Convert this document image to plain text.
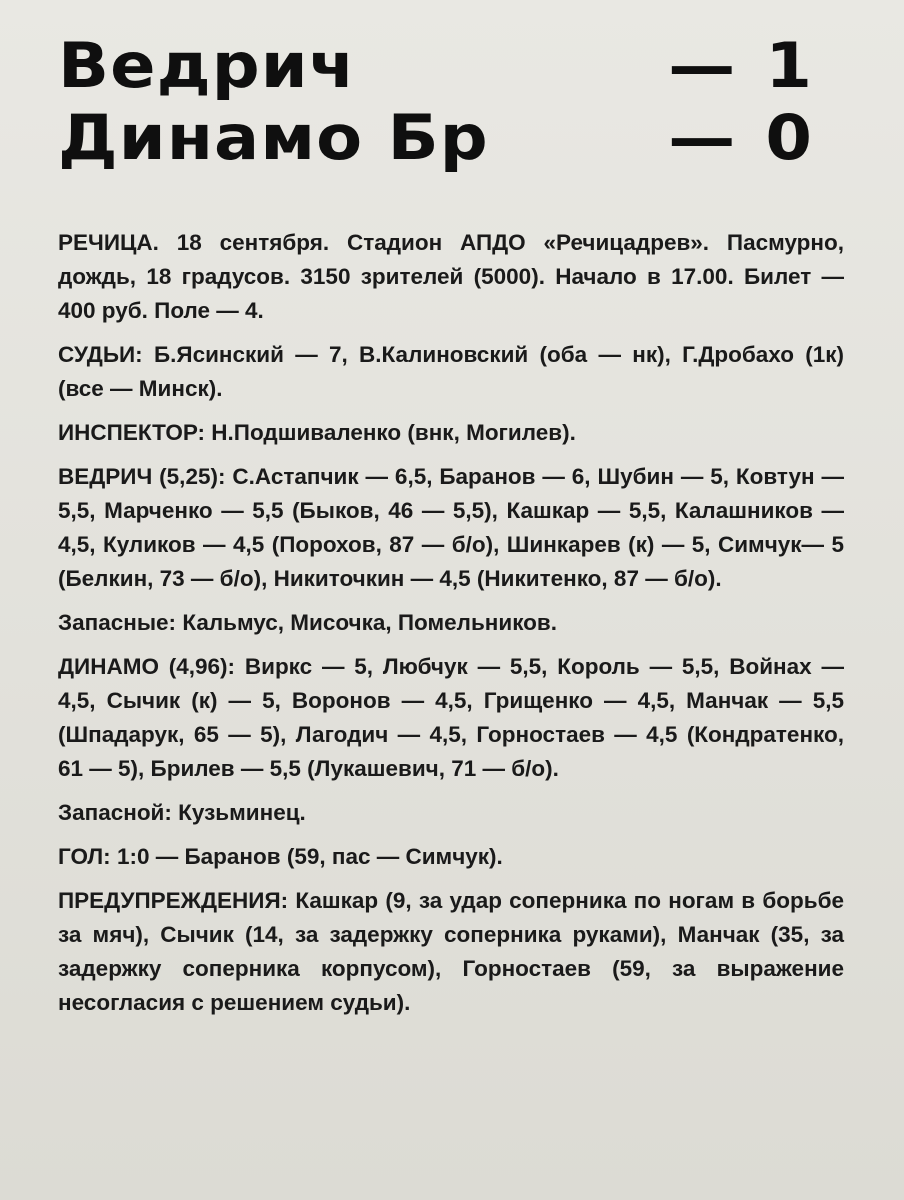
Ведрич	— 1
Динамо Бр	— 0

РЕЧИЦА. 18 сентября. Стадион АПДО «Речицадрев». Пасмурно, дождь, 18 градусов. 3150 зрителей (5000). Начало в 17.00. Билет — 400 руб. Поле — 4.

СУДЬИ: Б.Ясинский — 7, В.Калиновский (оба — нк), Г.Дробахо (1к) (все — Минск).

ИНСПЕКТОР: Н.Подшиваленко (внк, Могилев).

ВЕДРИЧ (5,25): С.Астапчик — 6,5, Баранов — 6, Шубин — 5, Ковтун — 5,5, Марченко — 5,5 (Быков, 46 — 5,5), Кашкар — 5,5, Калашников — 4,5, Куликов — 4,5 (Порохов, 87 — б/о), Шинкарев (к) — 5, Симчук— 5 (Белкин, 73 — б/о), Никиточкин — 4,5 (Никитенко, 87 — б/о).

Запасные: Кальмус, Мисочка, Помельников.

ДИНАМО (4,96): Виркс — 5, Любчук — 5,5, Король — 5,5, Войнах — 4,5, Сычик (к) — 5, Воронов — 4,5, Грищенко — 4,5, Манчак — 5,5 (Шпадарук, 65 — 5), Лагодич — 4,5, Горностаев — 4,5 (Кондратенко, 61 — 5), Брилев — 5,5 (Лукашевич, 71 — б/о).

Запасной: Кузьминец.

ГОЛ: 1:0 — Баранов (59, пас — Симчук).

ПРЕДУПРЕЖДЕНИЯ: Кашкар (9, за удар соперника по ногам в борьбе за мяч), Сычик (14, за задержку соперника руками), Манчак (35, за задержку соперника корпусом), Горностаев (59, за выражение несогласия с решением судьи).
